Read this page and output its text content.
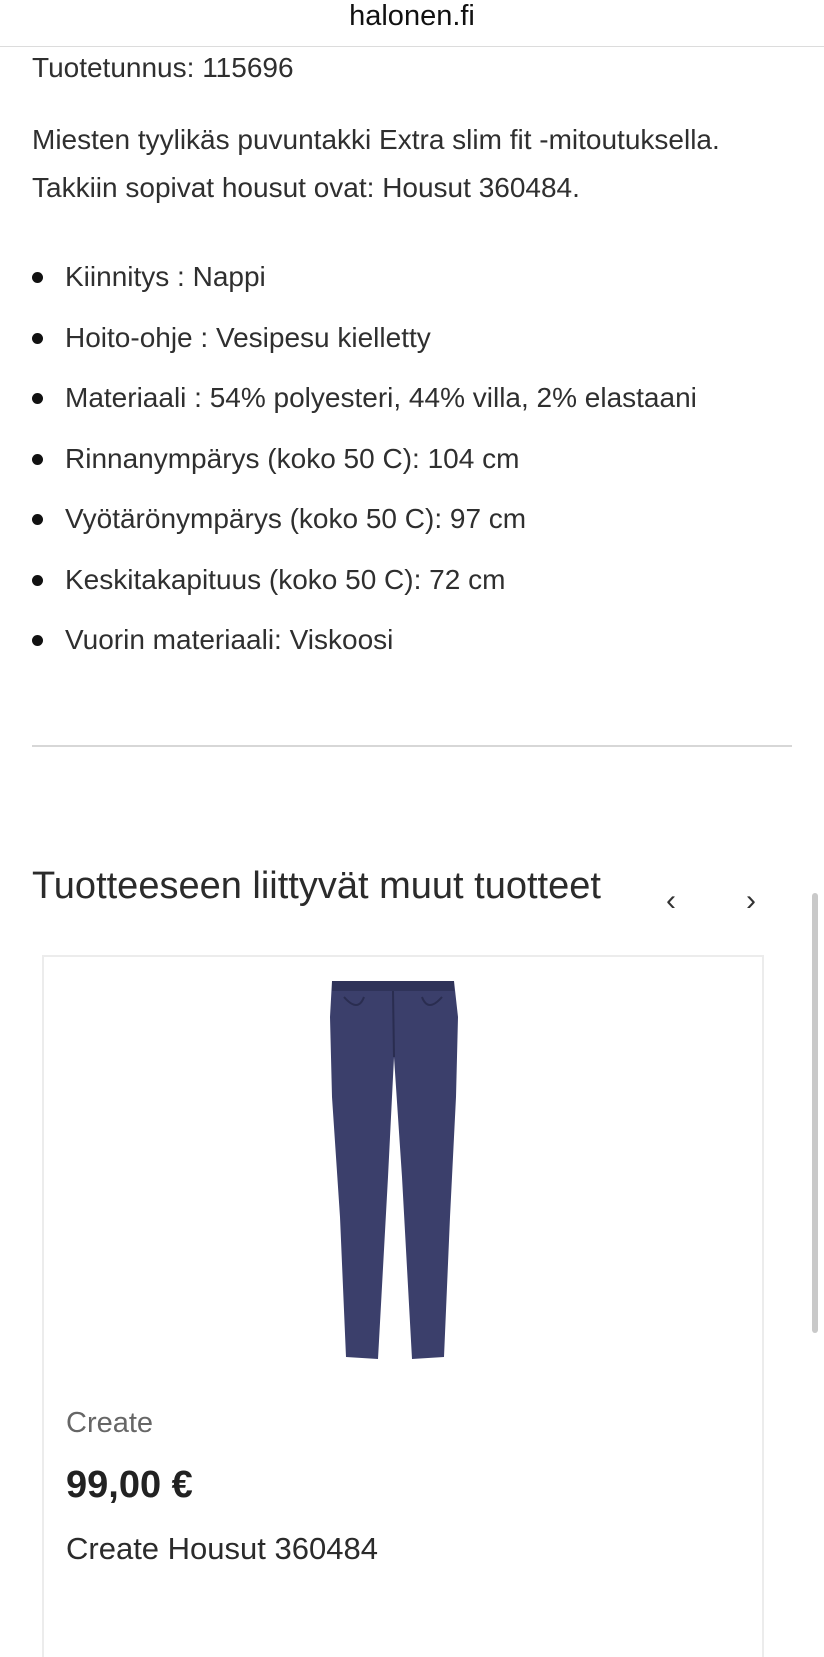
halonen.fi
Tuotetunnus: 115696
Miesten tyylikäs puvuntakki Extra slim fit -mitoutuksella. Takkiin sopivat housut ovat: Housut 360484.
Kiinnitys : Nappi
Hoito-ohje : Vesipesu kielletty
Materiaali : 54% polyesteri, 44% villa, 2% elastaani
Rinnanympärys (koko 50 C): 104 cm
Vyötärönympärys (koko 50 C): 97 cm
Keskitakapituus (koko 50 C): 72 cm
Vuorin materiaali: Viskoosi
Tuotteeseen liittyvät muut tuotteet	‹	›
Create
99,00 €
Create Housut 360484
